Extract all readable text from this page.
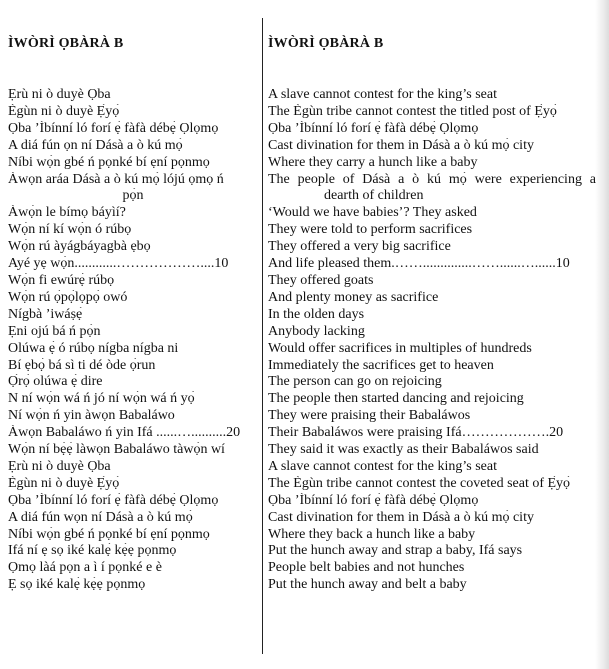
ÌWÒRÌ ỌBÀRÀ B
Ẹrù ni ò duyè Ọba
Ègùn ni ò duyè Ẹ̀yọ̀
Ọba ’Ìbínní ló forí ẹ̀ fàfà débẹ̀ Ọlọmọ
A diá fún ọn ní Dásà a ò kú mọ́
Níbi wọ́n gbé ń pọnké bí ẹní pọnmọ
Àwọn aráa Dásà a ò kú mọ́ lójú ọmọ ń
pọ́n
Àwọ́n le bímọ báyìí?
Wọ́n ní kí wọ́n ó rúbọ
Wọ́n rú àyágbáyagbà ẹbọ
Ayé yẹ wọ́n............………………....10
Wọ́n fi ewúrẹ́ rúbọ
Wọ́n rú ọ̀pọ̀lọpọ̀ owó
Nígbà ’iwáṣẹ̀
Ẹni ojú bá ń pọ́n
Olúwa ẹ̀ ó rúbọ nígba nígba ni
Bí ẹbọ́ bá sì ti dé òde ọ̀run
Ọ̀rọ̀ olúwa ẹ̀ dire
N ní wọ́n wá ń jó ní wọ́n wá ń yọ̀
Ní wọ́n ń yin àwọn Babaláwo
Àwọn Babaláwo ń yin Ifá ......…..........20
Wọ́n ní bẹ́ẹ̀ làwọn Babaláwo tàwọ́n wí
Ẹrù ni ò duyè Ọba
Ègùn ni ò duyè Ẹ̀yọ̀
Ọba ’Ìbínní ló forí ẹ̀ fàfà débẹ̀ Ọlọmọ
A diá fún wọn ní Dásà a ò kú mọ́
Níbi wọ́n gbé ń pọnké bí ẹní pọnmọ
Ifá ní ẹ sọ iké kalẹ̀ kẹ́ẹ pọnmọ
Ọmọ làá pọn a ì í pọnké e è
Ẹ sọ iké kalẹ̀ kẹ́ẹ pọnmọ
ÌWÒRÌ ỌBÀRÀ B
A slave cannot contest for the king’s seat
The Ègùn tribe cannot contest the titled post of Ẹ̀yọ̀
Ọba ’Ìbínní ló forí ẹ̀ fàfà débẹ̀ Ọlọmọ
Cast divination for them in Dásà a ò kú mọ́ city
Where they carry a hunch like a baby
The people of Dásà a ò kú mọ́ were experiencing a
dearth of children
‘Would we have babies’? They asked
They were told to perform sacrifices
They offered a very big sacrifice
And life pleased them.……..............……......…......10
They offered goats
And plenty money as sacrifice
In the olden days
Anybody lacking
Would offer sacrifices in multiples of hundreds
Immediately the sacrifices get to heaven
The person can go on rejoicing
The people then started dancing and rejoicing
They were praising their Babaláwos
Their Babaláwos were praising Ifá……………….20
They said it was exactly as their Babaláwos said
A slave cannot contest for the king’s seat
The Ègùn tribe cannot contest the coveted seat of Ẹ̀yọ̀
Ọba ’Ìbínní ló forí ẹ̀ fàfà débẹ̀ Ọlọmọ
Cast divination for them in Dásà a ò kú mọ́ city
Where they back a hunch like a baby
Put the hunch away and strap a baby, Ifá says
People belt babies and not hunches
Put the hunch away and belt a baby
